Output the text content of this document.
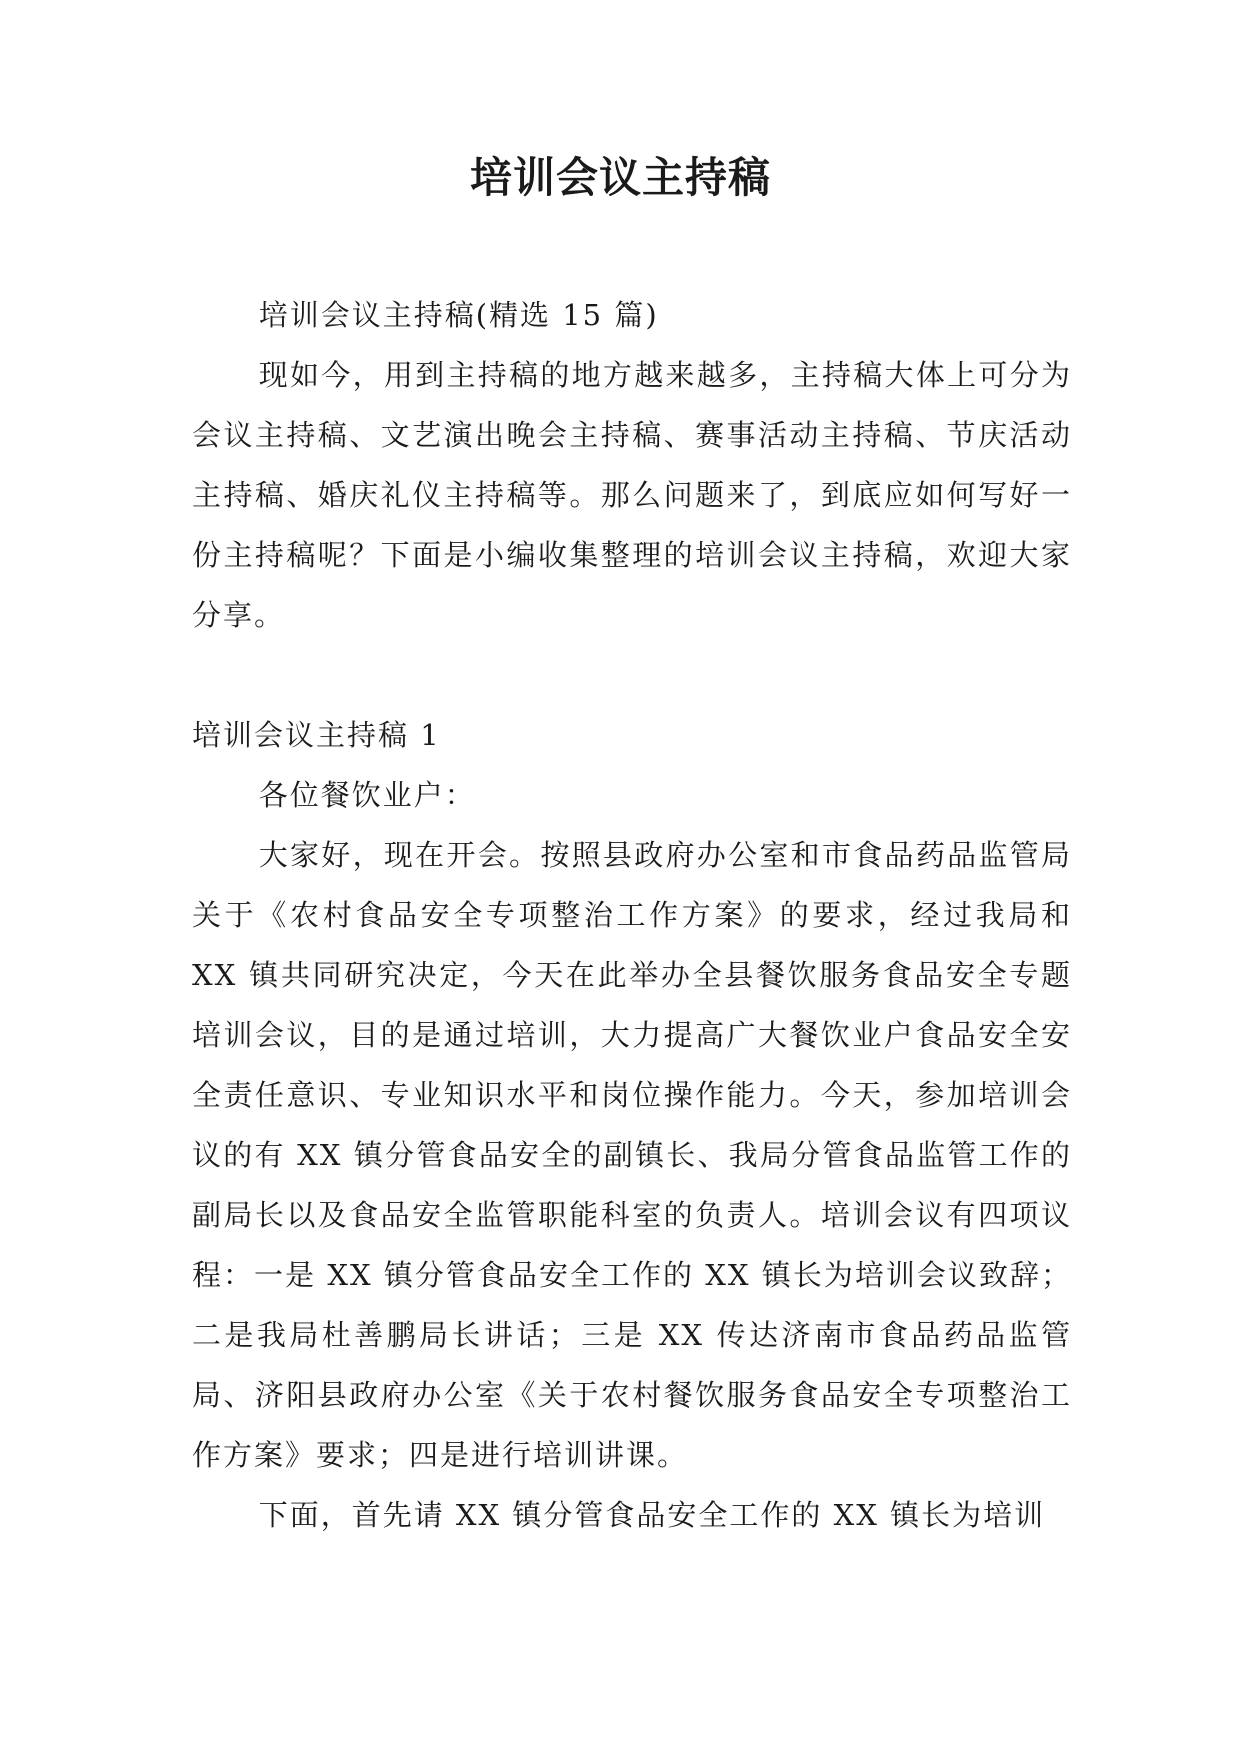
培训会议主持稿

培训会议主持稿(精选 15 篇)

现如今，用到主持稿的地方越来越多，主持稿大体上可分为会议主持稿、文艺演出晚会主持稿、赛事活动主持稿、节庆活动主持稿、婚庆礼仪主持稿等。那么问题来了，到底应如何写好一份主持稿呢？下面是小编收集整理的培训会议主持稿，欢迎大家分享。

培训会议主持稿 1

各位餐饮业户：

大家好，现在开会。按照县政府办公室和市食品药品监管局关于《农村食品安全专项整治工作方案》的要求，经过我局和 XX 镇共同研究决定，今天在此举办全县餐饮服务食品安全专题培训会议，目的是通过培训，大力提高广大餐饮业户食品安全安全责任意识、专业知识水平和岗位操作能力。今天，参加培训会议的有 XX 镇分管食品安全的副镇长、我局分管食品监管工作的副局长以及食品安全监管职能科室的负责人。培训会议有四项议程：一是 XX 镇分管食品安全工作的 XX 镇长为培训会议致辞；二是我局杜善鹏局长讲话；三是 XX 传达济南市食品药品监管局、济阳县政府办公室《关于农村餐饮服务食品安全专项整治工作方案》要求；四是进行培训讲课。

下面，首先请 XX 镇分管食品安全工作的 XX 镇长为培训
